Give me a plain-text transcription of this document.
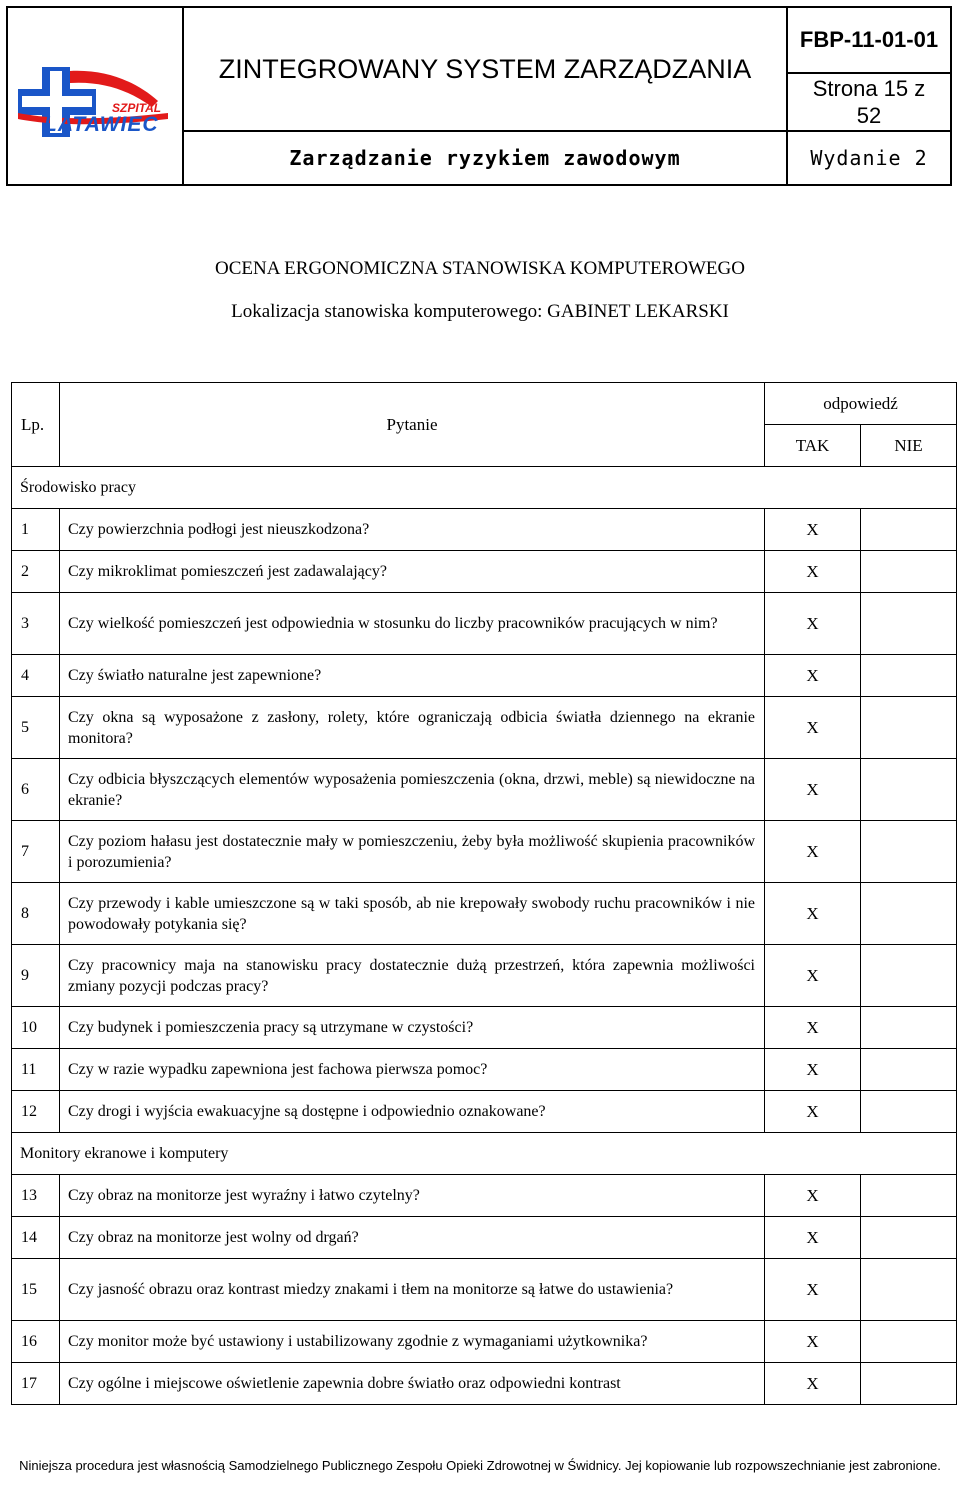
SZPITAL
LATAWIEC	ZINTEGROWANY SYSTEM ZARZĄDZANIA	FBP-11-01-01
		Strona 15 z
52
	Zarządzanie ryzykiem zawodowym	Wydanie 2
OCENA ERGONOMICZNA STANOWISKA KOMPUTEROWEGO
Lokalizacja stanowiska komputerowego: GABINET LEKARSKI
Lp.	Pytanie	odpowiedź	
		TAK	NIE
Środowisko pracy			
1	Czy powierzchnia podłogi jest nieuszkodzona?	X	
2	Czy mikroklimat pomieszczeń jest zadawalający?	X	
3	Czy wielkość pomieszczeń jest odpowiednia w stosunku do liczby pracowników pracujących w nim?	X	
4	Czy światło naturalne jest zapewnione?	X	
5	Czy okna są wyposażone z zasłony, rolety, które ograniczają odbicia światła dziennego na ekranie monitora?	X	
6	Czy odbicia błyszczących elementów wyposażenia pomieszczenia (okna, drzwi, meble) są niewidoczne na ekranie?	X	
7	Czy poziom hałasu jest dostatecznie mały w pomieszczeniu, żeby była możliwość skupienia pracowników i porozumienia?	X	
8	Czy przewody i kable umieszczone są w taki sposób, ab nie krepowały swobody ruchu pracowników i nie powodowały potykania się?	X	
9	Czy pracownicy maja na stanowisku pracy dostatecznie dużą przestrzeń, która zapewnia możliwości zmiany pozycji podczas pracy?	X	
10	Czy budynek i pomieszczenia pracy są utrzymane w czystości?	X	
11	Czy w razie wypadku zapewniona jest fachowa pierwsza pomoc?	X	
12	Czy drogi i wyjścia ewakuacyjne są dostępne i odpowiednio oznakowane?	X	
Monitory ekranowe i komputery			
13	Czy obraz na monitorze jest wyraźny i łatwo czytelny?	X	
14	Czy obraz na monitorze jest wolny od drgań?	X	
15	Czy jasność obrazu oraz kontrast miedzy znakami i tłem na monitorze są łatwe do ustawienia?	X	
16	Czy monitor może być ustawiony i ustabilizowany zgodnie z wymaganiami użytkownika?	X	
17	Czy ogólne i miejscowe oświetlenie zapewnia dobre światło oraz odpowiedni kontrast	X	
Niniejsza procedura jest własnością Samodzielnego Publicznego Zespołu Opieki Zdrowotnej w Świdnicy. Jej kopiowanie lub rozpowszechnianie jest zabronione.
